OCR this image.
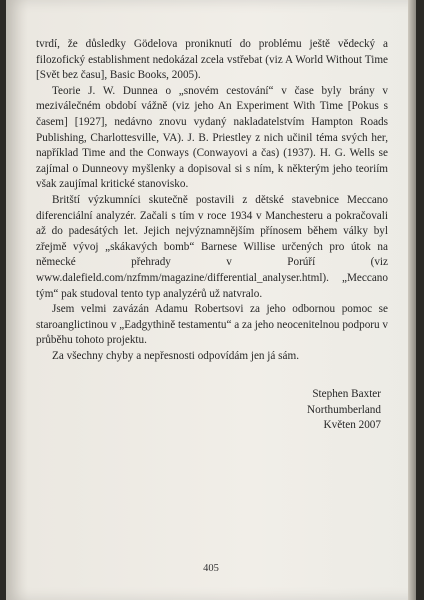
tvrdí, že důsledky Gödelova proniknutí do problému ještě vědecký a filozofický establishment nedokázal zcela vstřebat (viz A World Without Time [Svět bez času], Basic Books, 2005).

Teorie J. W. Dunnea o „snovém cestování“ v čase byly brány v meziválečném období vážně (viz jeho An Experiment With Time [Pokus s časem] [1927], nedávno znovu vydaný nakladatelstvím Hampton Roads Publishing, Charlottesville, VA). J. B. Priestley z nich učinil téma svých her, například Time and the Conways (Conwayovi a čas) (1937). H. G. Wells se zajímal o Dunneovy myšlenky a dopisoval si s ním, k některým jeho teoriím však zaujímal kritické stanovisko.

Britští výzkumníci skutečně postavili z dětské stavebnice Meccano diferenciální analyzér. Začali s tím v roce 1934 v Manchesteru a pokračovali až do padesátých let. Jejich nejvýznamnějším přínosem během války byl zřejmě vývoj „skákavých bomb“ Barnese Willise určených pro útok na německé přehrady v Porúří (viz www.dalefield.com/nzfmm/magazine/differential_analyser.html). „Meccano tým“ pak studoval tento typ analyzérů už natvralo.

Jsem velmi zavázán Adamu Robertsovi za jeho odbornou pomoc se staroanglictinou v „Eadgythině testamentu“ a za jeho neocenitelnou podporu v průběhu tohoto projektu.

Za všechny chyby a nepřesnosti odpovídám jen já sám.

Stephen Baxter
Northumberland
Květen 2007
405
